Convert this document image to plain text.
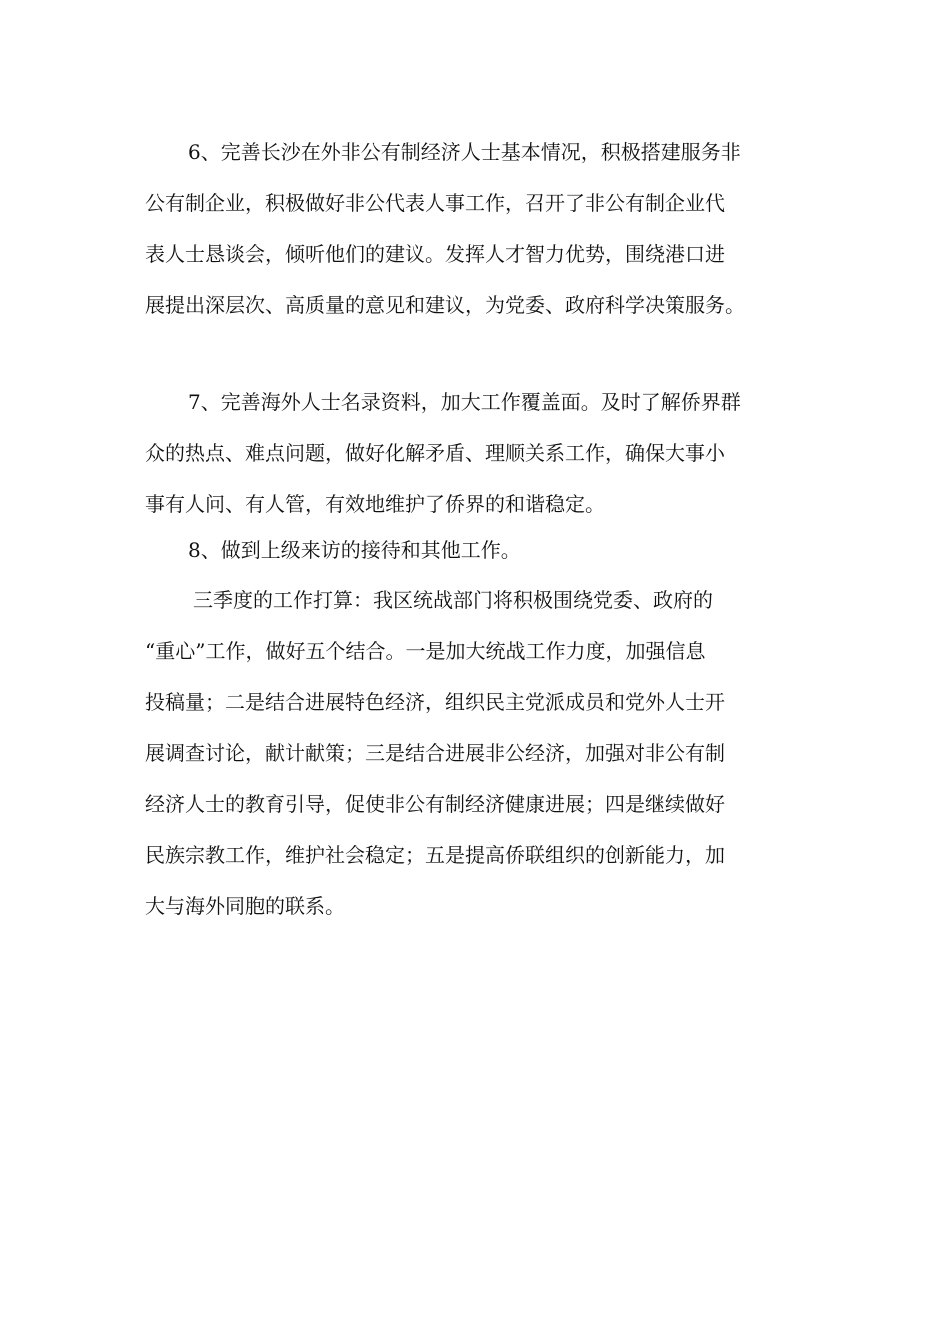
6、完善长沙在外非公有制经济人士基本情况，积极搭建服务非
公有制企业，积极做好非公代表人事工作，召开了非公有制企业代
表人士恳谈会，倾听他们的建议。发挥人才智力优势，围绕港口进
展提出深层次、高质量的意见和建议，为党委、政府科学决策服务。
7、完善海外人士名录资料，加大工作覆盖面。及时了解侨界群
众的热点、难点问题，做好化解矛盾、理顺关系工作，确保大事小
事有人问、有人管，有效地维护了侨界的和谐稳定。
8、做到上级来访的接待和其他工作。
三季度的工作打算：我区统战部门将积极围绕党委、政府的
“重心”工作，做好五个结合。一是加大统战工作力度，加强信息
投稿量；二是结合进展特色经济，组织民主党派成员和党外人士开
展调查讨论，献计献策；三是结合进展非公经济，加强对非公有制
经济人士的教育引导，促使非公有制经济健康进展；四是继续做好
民族宗教工作，维护社会稳定；五是提高侨联组织的创新能力，加
大与海外同胞的联系。
